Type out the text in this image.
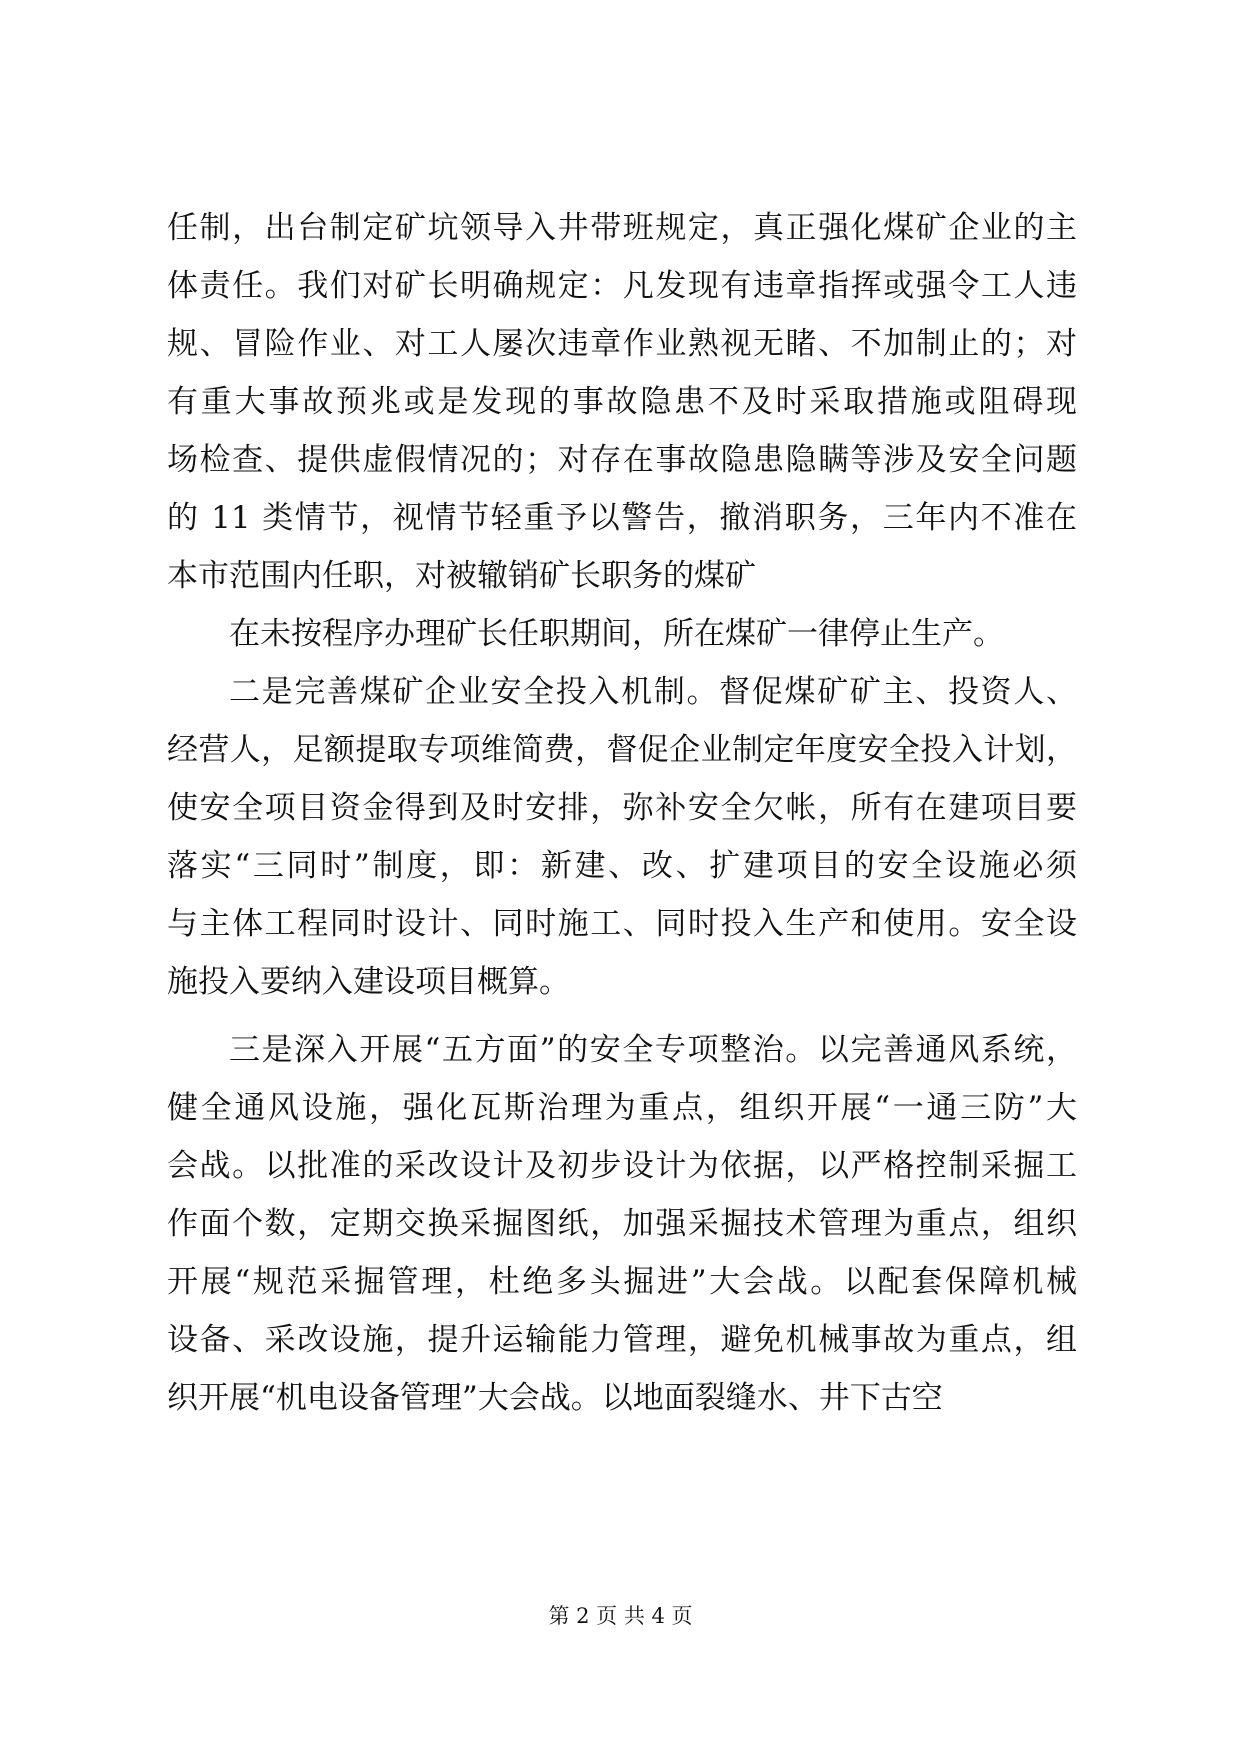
任制，出台制定矿坑领导入井带班规定，真正强化煤矿企业的主
体责任。我们对矿长明确规定：凡发现有违章指挥或强令工人违
规、冒险作业、对工人屡次违章作业熟视无睹、不加制止的；对
有重大事故预兆或是发现的事故隐患不及时采取措施或阻碍现
场检查、提供虚假情况的；对存在事故隐患隐瞒等涉及安全问题
的 11 类情节，视情节轻重予以警告，撤消职务，三年内不准在
本市范围内任职，对被辙销矿长职务的煤矿
在未按程序办理矿长任职期间，所在煤矿一律停止生产。
二是完善煤矿企业安全投入机制。督促煤矿矿主、投资人、
经营人，足额提取专项维简费，督促企业制定年度安全投入计划，
使安全项目资金得到及时安排，弥补安全欠帐，所有在建项目要
落实“三同时”制度，即：新建、改、扩建项目的安全设施必须
与主体工程同时设计、同时施工、同时投入生产和使用。安全设
施投入要纳入建设项目概算。
三是深入开展“五方面”的安全专项整治。以完善通风系统，
健全通风设施，强化瓦斯治理为重点，组织开展“一通三防”大
会战。以批准的采改设计及初步设计为依据，以严格控制采掘工
作面个数，定期交换采掘图纸，加强采掘技术管理为重点，组织
开展“规范采掘管理，杜绝多头掘进”大会战。以配套保障机械
设备、采改设施，提升运输能力管理，避免机械事故为重点，组
织开展“机电设备管理”大会战。以地面裂缝水、井下古空
第 2 页 共 4 页
